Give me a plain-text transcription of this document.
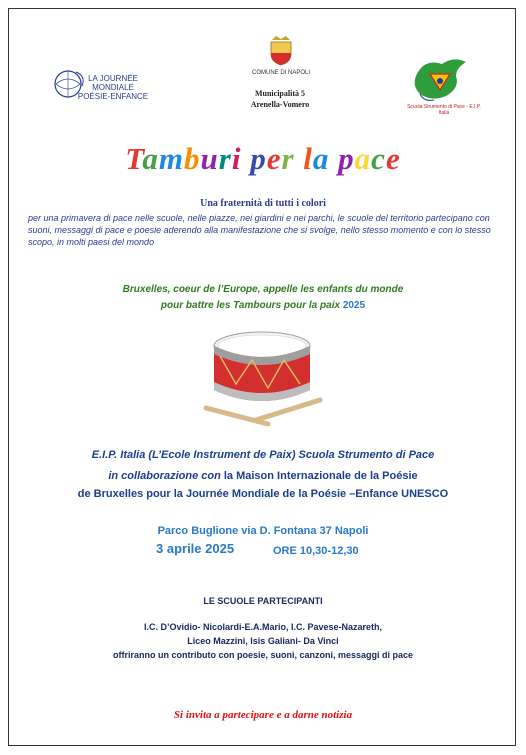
LA JOURNÉE
MONDIALE
POÉSIE-ENFANCE
COMUNE DI NAPOLI
Municipalità 5
Arenella-Vomero	Scuola Strumento di Pace - E.I.P. Italia
Tamburi per la pace
Una fraternità di tutti i colori
per una primavera di pace nelle scuole, nelle piazze, nei giardini e nei parchi, le scuole del territorio partecipano con suoni, messaggi di pace e poesie aderendo alla manifestazione che si svolge, nello stesso momento e con lo stesso scopo, in molti paesi del mondo
Bruxelles, coeur de l’Europe, appelle les enfants du monde
pour battre les Tambours pour la paix 2025
E.I.P. Italia (L’Ecole Instrument de Paix) Scuola Strumento di Pace
in collaborazione con la Maison Internazionale de la Poésie
de Bruxelles pour la Journée Mondiale de la Poésie –Enfance UNESCO
Parco Buglione via D. Fontana 37 Napoli
3 aprile 2025	ORE 10,30-12,30
LE SCUOLE PARTECIPANTI
I.C. D’Ovidio- Nicolardi-E.A.Mario, I.C. Pavese-Nazareth,
Liceo Mazzini, Isis Galiani- Da Vinci
offriranno un contributo con poesie, suoni, canzoni, messaggi di pace
Si invita a partecipare e a darne notizia
